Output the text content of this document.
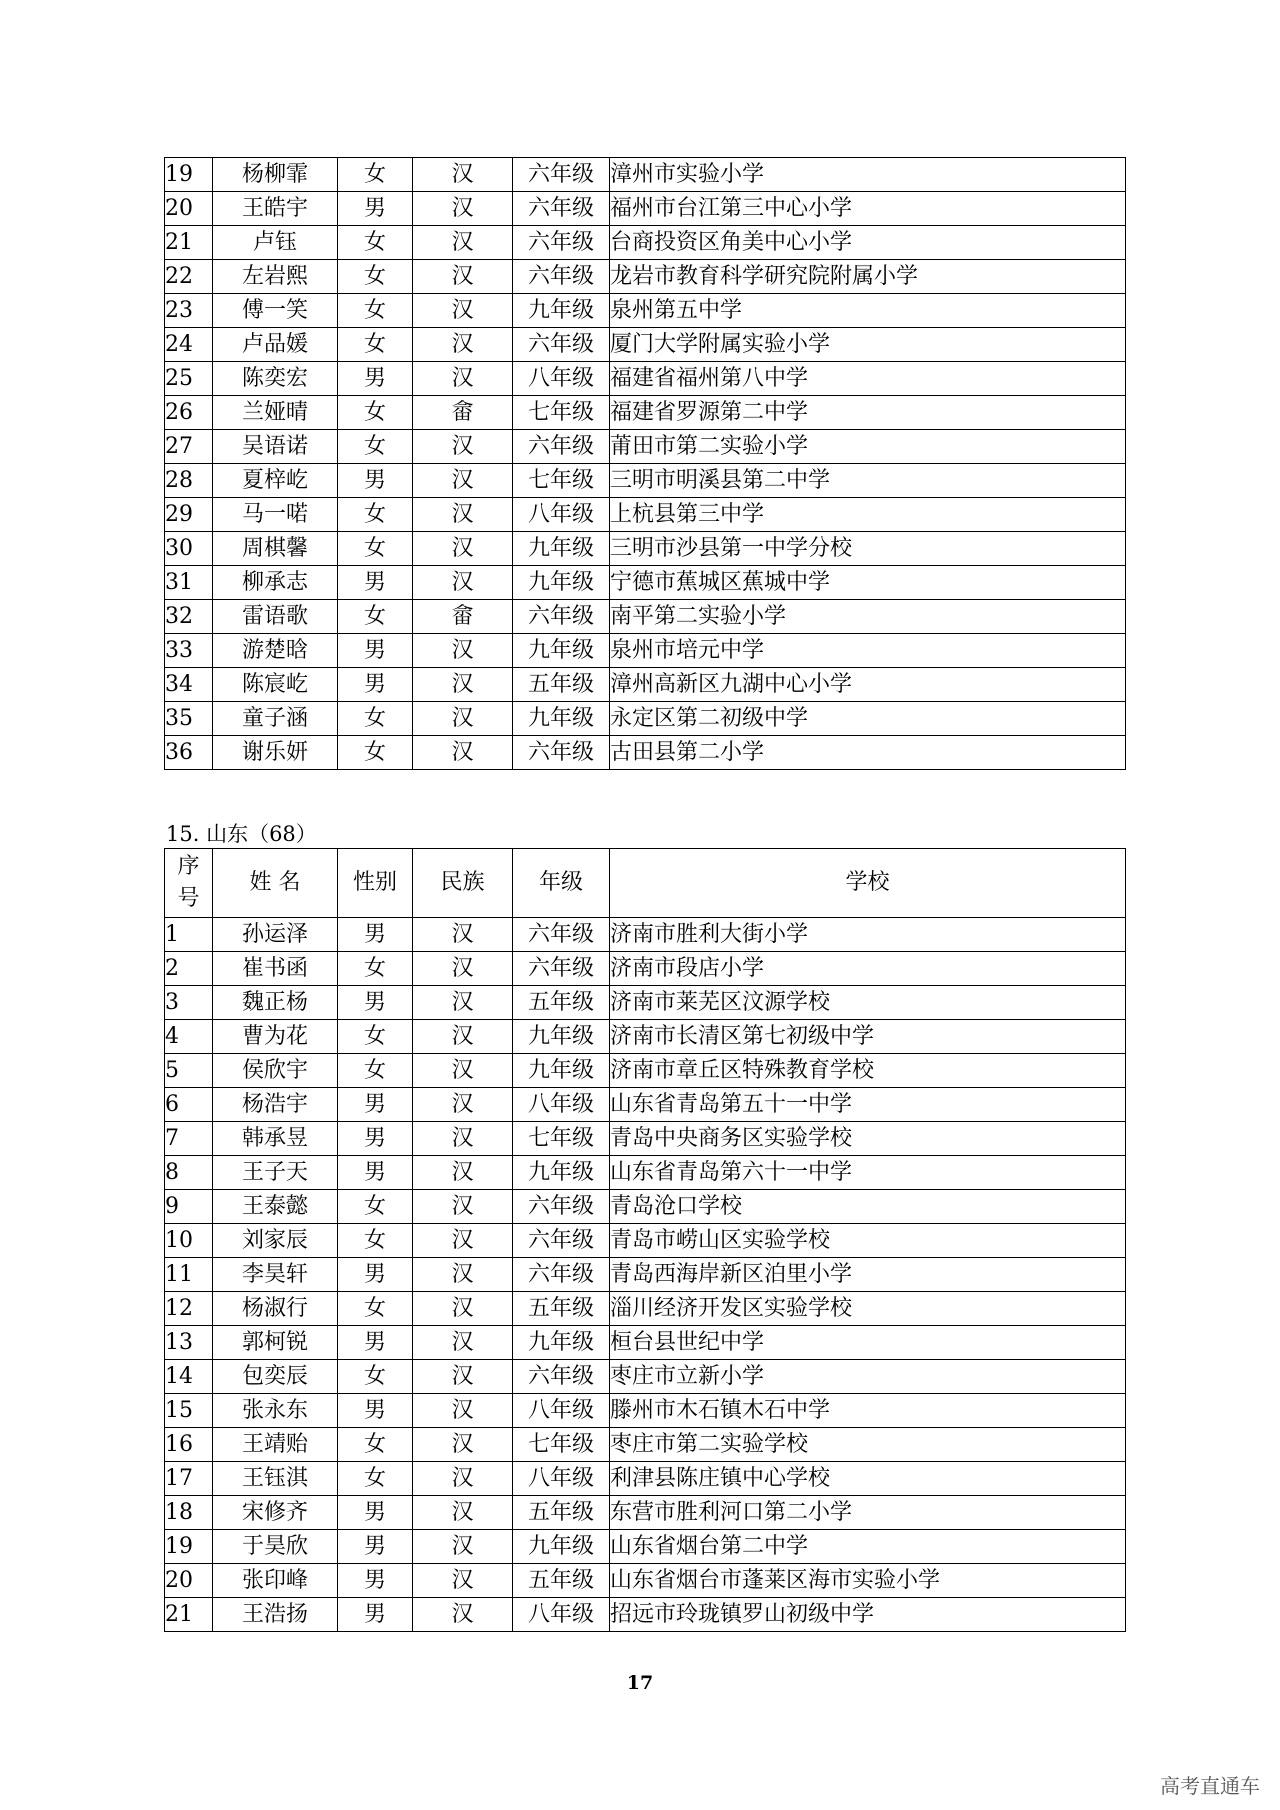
19	杨柳霏	女	汉	六年级	漳州市实验小学
20	王皓宇	男	汉	六年级	福州市台江第三中心小学
21	卢钰	女	汉	六年级	台商投资区角美中心小学
22	左岩熙	女	汉	六年级	龙岩市教育科学研究院附属小学
23	傅一笑	女	汉	九年级	泉州第五中学
24	卢品媛	女	汉	六年级	厦门大学附属实验小学
25	陈奕宏	男	汉	八年级	福建省福州第八中学
26	兰娅晴	女	畲	七年级	福建省罗源第二中学
27	吴语诺	女	汉	六年级	莆田市第二实验小学
28	夏梓屹	男	汉	七年级	三明市明溪县第二中学
29	马一喏	女	汉	八年级	上杭县第三中学
30	周棋馨	女	汉	九年级	三明市沙县第一中学分校
31	柳承志	男	汉	九年级	宁德市蕉城区蕉城中学
32	雷语歌	女	畲	六年级	南平第二实验小学
33	游楚晗	男	汉	九年级	泉州市培元中学
34	陈宸屹	男	汉	五年级	漳州高新区九湖中心小学
35	童子涵	女	汉	九年级	永定区第二初级中学
36	谢乐妍	女	汉	六年级	古田县第二小学
15. 山东（68）
序号	姓 名	性别	民族	年级	学校
1	孙运泽	男	汉	六年级	济南市胜利大街小学
2	崔书函	女	汉	六年级	济南市段店小学
3	魏正杨	男	汉	五年级	济南市莱芜区汶源学校
4	曹为花	女	汉	九年级	济南市长清区第七初级中学
5	侯欣宇	女	汉	九年级	济南市章丘区特殊教育学校
6	杨浩宇	男	汉	八年级	山东省青岛第五十一中学
7	韩承昱	男	汉	七年级	青岛中央商务区实验学校
8	王子天	男	汉	九年级	山东省青岛第六十一中学
9	王泰懿	女	汉	六年级	青岛沧口学校
10	刘家辰	女	汉	六年级	青岛市崂山区实验学校
11	李昊轩	男	汉	六年级	青岛西海岸新区泊里小学
12	杨淑行	女	汉	五年级	淄川经济开发区实验学校
13	郭柯锐	男	汉	九年级	桓台县世纪中学
14	包奕辰	女	汉	六年级	枣庄市立新小学
15	张永东	男	汉	八年级	滕州市木石镇木石中学
16	王靖贻	女	汉	七年级	枣庄市第二实验学校
17	王钰淇	女	汉	八年级	利津县陈庄镇中心学校
18	宋修齐	男	汉	五年级	东营市胜利河口第二小学
19	于昊欣	男	汉	九年级	山东省烟台第二中学
20	张印峰	男	汉	五年级	山东省烟台市蓬莱区海市实验小学
21	王浩扬	男	汉	八年级	招远市玲珑镇罗山初级中学
17
高考直通车
